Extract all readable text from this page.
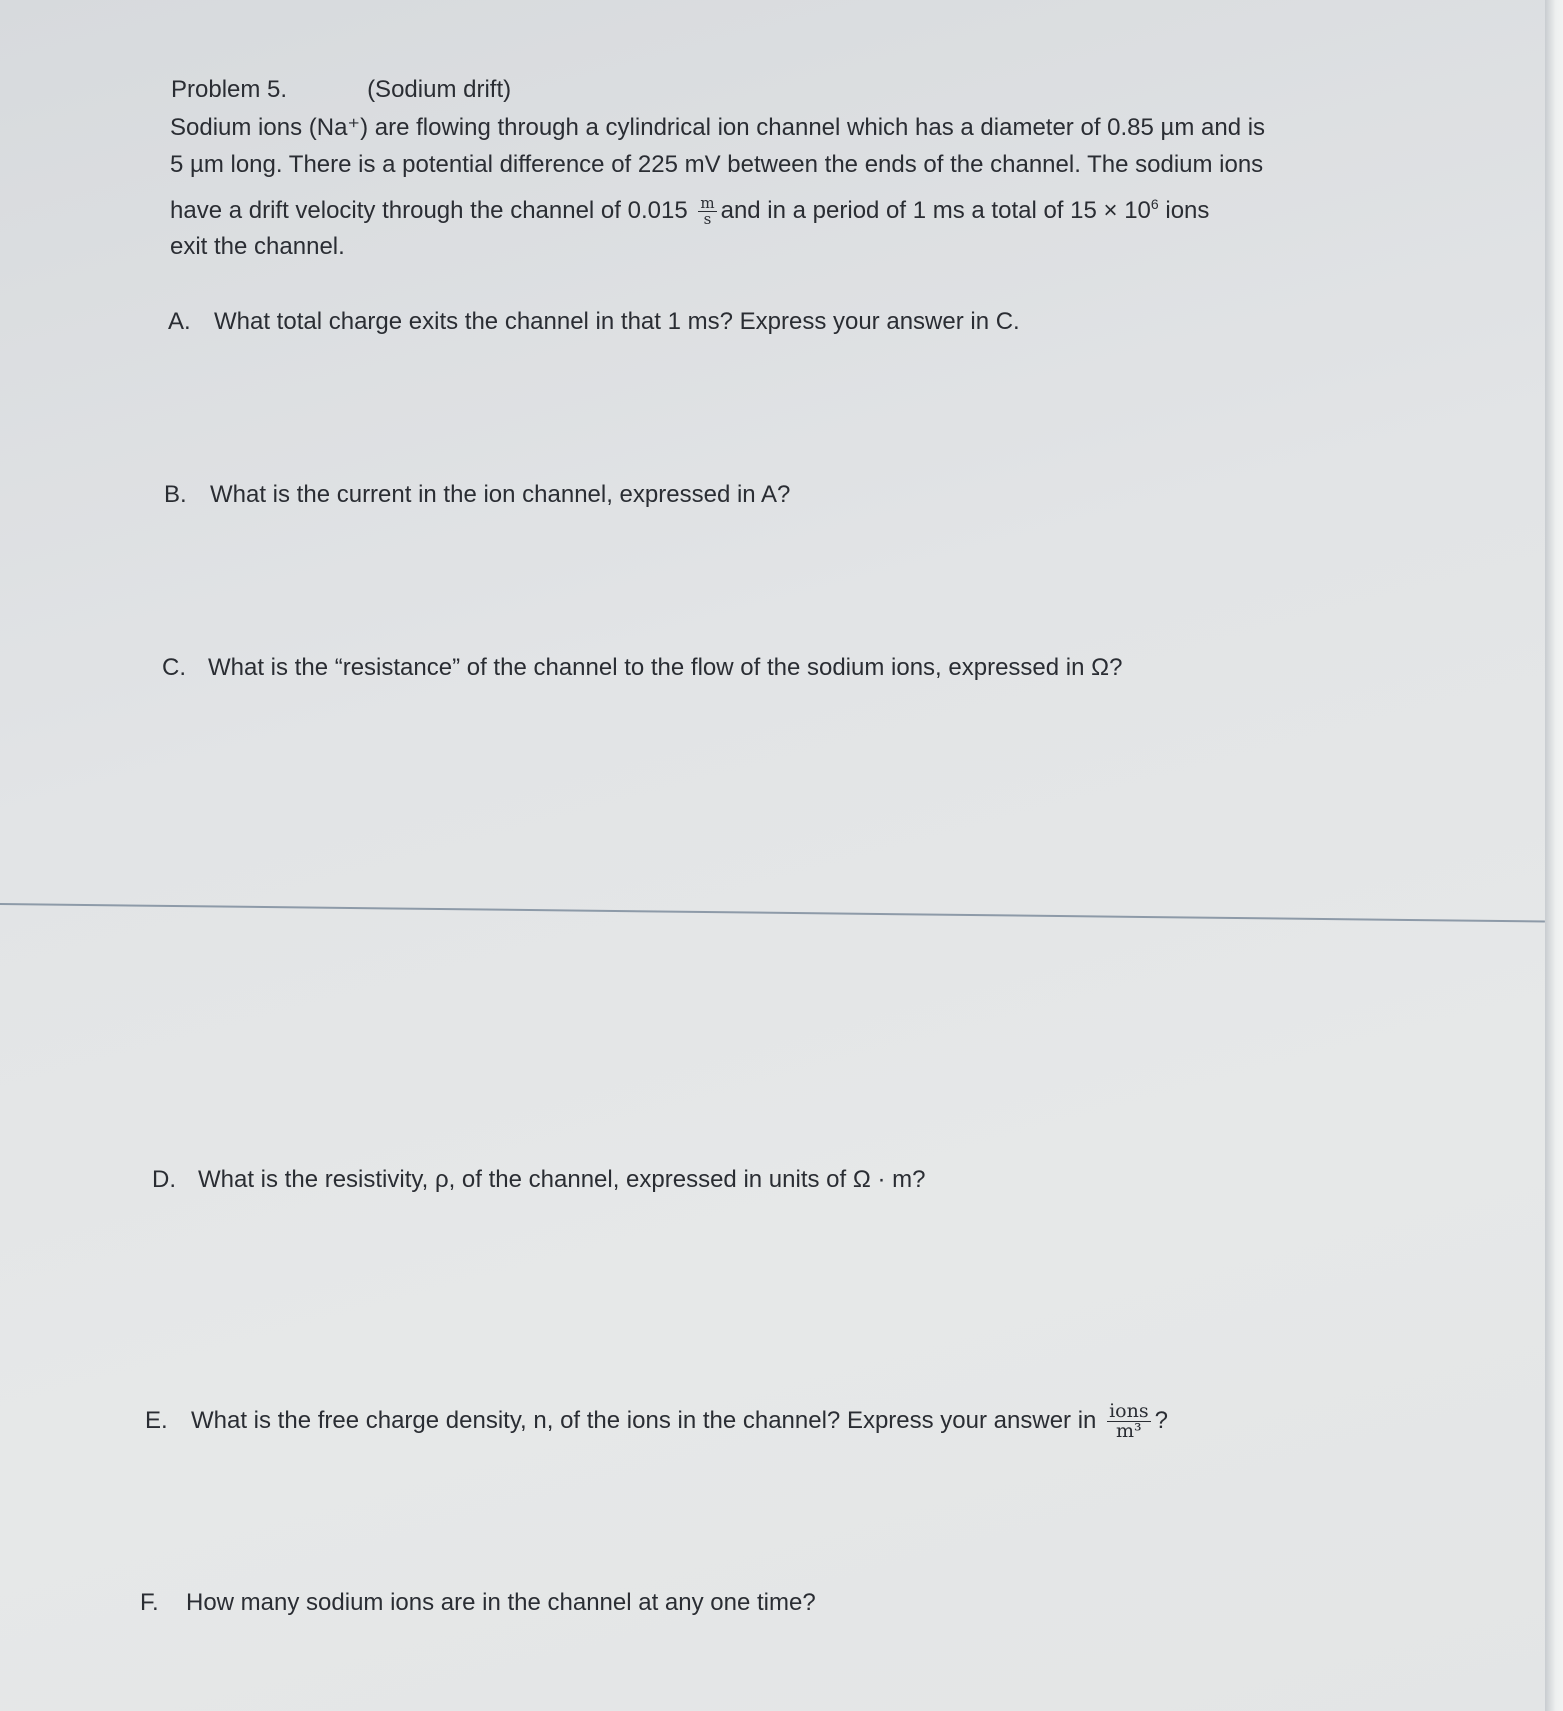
Problem 5.	(Sodium drift)
Sodium ions (Na⁺) are flowing through a cylindrical ion channel which has a diameter of 0.85 µm and is
5 µm long. There is a potential difference of 225 mV between the ends of the channel. The sodium ions
have a drift velocity through the channel of $0.015 \frac{m}{s}$ and in a period of 1 ms a total of $15 \times 10^6$ ions
exit the channel.
A. What total charge exits the channel in that 1 ms? Express your answer in C.
B. What is the current in the ion channel, expressed in A?
C. What is the “resistance” of the channel to the flow of the sodium ions, expressed in Ω?
D. What is the resistivity, ρ, of the channel, expressed in units of Ω · m?
E. What is the free charge density, n, of the ions in the channel? Express your answer in $\frac{\text{ions}}{\text{m³}}$ ?
F. How many sodium ions are in the channel at any one time?
